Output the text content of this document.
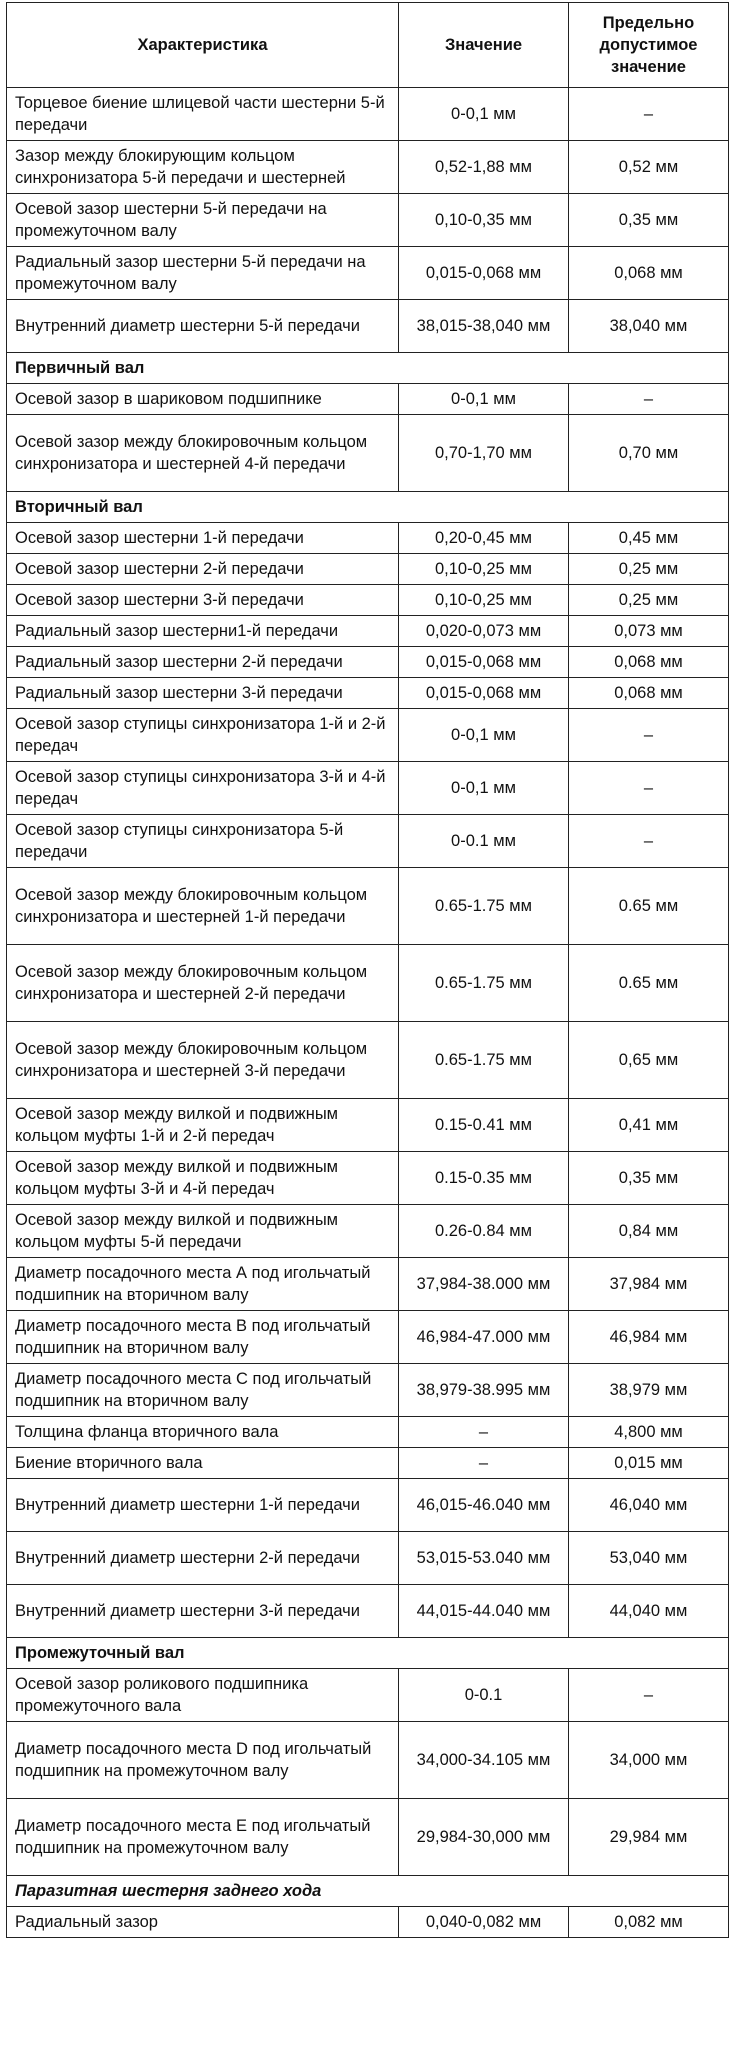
Характеристика	Значение	Предельно допустимое значение
Торцевое биение шлицевой части шестерни 5-й передачи	0-0,1 мм	–
Зазор между блокирующим кольцом синхронизатора 5-й передачи и шестерней	0,52-1,88 мм	0,52 мм
Осевой зазор шестерни 5-й передачи на промежуточном валу	0,10-0,35 мм	0,35 мм
Радиальный зазор шестерни 5-й передачи на промежуточном валу	0,015-0,068 мм	0,068 мм
Внутренний диаметр шестерни 5-й передачи	38,015-38,040 мм	38,040 мм
Первичный вал		
Осевой зазор в шариковом подшипнике	0-0,1 мм	–
Осевой зазор между блокировочным кольцом синхронизатора и шестерней 4-й передачи	0,70-1,70 мм	0,70 мм
Вторичный вал		
Осевой зазор шестерни 1-й передачи	0,20-0,45 мм	0,45 мм
Осевой зазор шестерни 2-й передачи	0,10-0,25 мм	0,25 мм
Осевой зазор шестерни 3-й передачи	0,10-0,25 мм	0,25 мм
Радиальный зазор шестерни1-й передачи	0,020-0,073 мм	0,073 мм
Радиальный зазор шестерни 2-й передачи	0,015-0,068 мм	0,068 мм
Радиальный зазор шестерни 3-й передачи	0,015-0,068 мм	0,068 мм
Осевой зазор ступицы синхронизатора 1-й и 2-й передач	0-0,1 мм	–
Осевой зазор ступицы синхронизатора 3-й и 4-й передач	0-0,1 мм	–
Осевой зазор ступицы синхронизатора 5-й передачи	0-0.1 мм	–
Осевой зазор между блокировочным кольцом синхронизатора и шестерней 1-й передачи	0.65-1.75 мм	0.65 мм
Осевой зазор между блокировочным кольцом синхронизатора и шестерней 2-й передачи	0.65-1.75 мм	0.65 мм
Осевой зазор между блокировочным кольцом синхронизатора и шестерней 3-й передачи	0.65-1.75 мм	0,65 мм
Осевой зазор между вилкой и подвижным кольцом муфты 1-й и 2-й передач	0.15-0.41 мм	0,41 мм
Осевой зазор между вилкой и подвижным кольцом муфты 3-й и 4-й передач	0.15-0.35 мм	0,35 мм
Осевой зазор между вилкой и подвижным кольцом муфты 5-й передачи	0.26-0.84 мм	0,84 мм
Диаметр посадочного места А под игольчатый подшипник на вторичном валу	37,984-38.000 мм	37,984 мм
Диаметр посадочного места В под игольчатый подшипник на вторичном валу	46,984-47.000 мм	46,984 мм
Диаметр посадочного места С под игольчатый подшипник на вторичном валу	38,979-38.995 мм	38,979 мм
Толщина фланца вторичного вала	–	4,800 мм
Биение вторичного вала	–	0,015 мм
Внутренний диаметр шестерни 1-й передачи	46,015-46.040 мм	46,040 мм
Внутренний диаметр шестерни 2-й передачи	53,015-53.040 мм	53,040 мм
Внутренний диаметр шестерни 3-й передачи	44,015-44.040 мм	44,040 мм
Промежуточный вал		
Осевой зазор роликового подшипника промежуточного вала	0-0.1	–
Диаметр посадочного места D под игольчатый подшипник на промежуточном валу	34,000-34.105 мм	34,000 мм
Диаметр посадочного места Е под игольчатый подшипник на промежуточном валу	29,984-30,000 мм	29,984 мм
Паразитная шестерня заднего хода		
Радиальный зазор	0,040-0,082 мм	0,082 мм
